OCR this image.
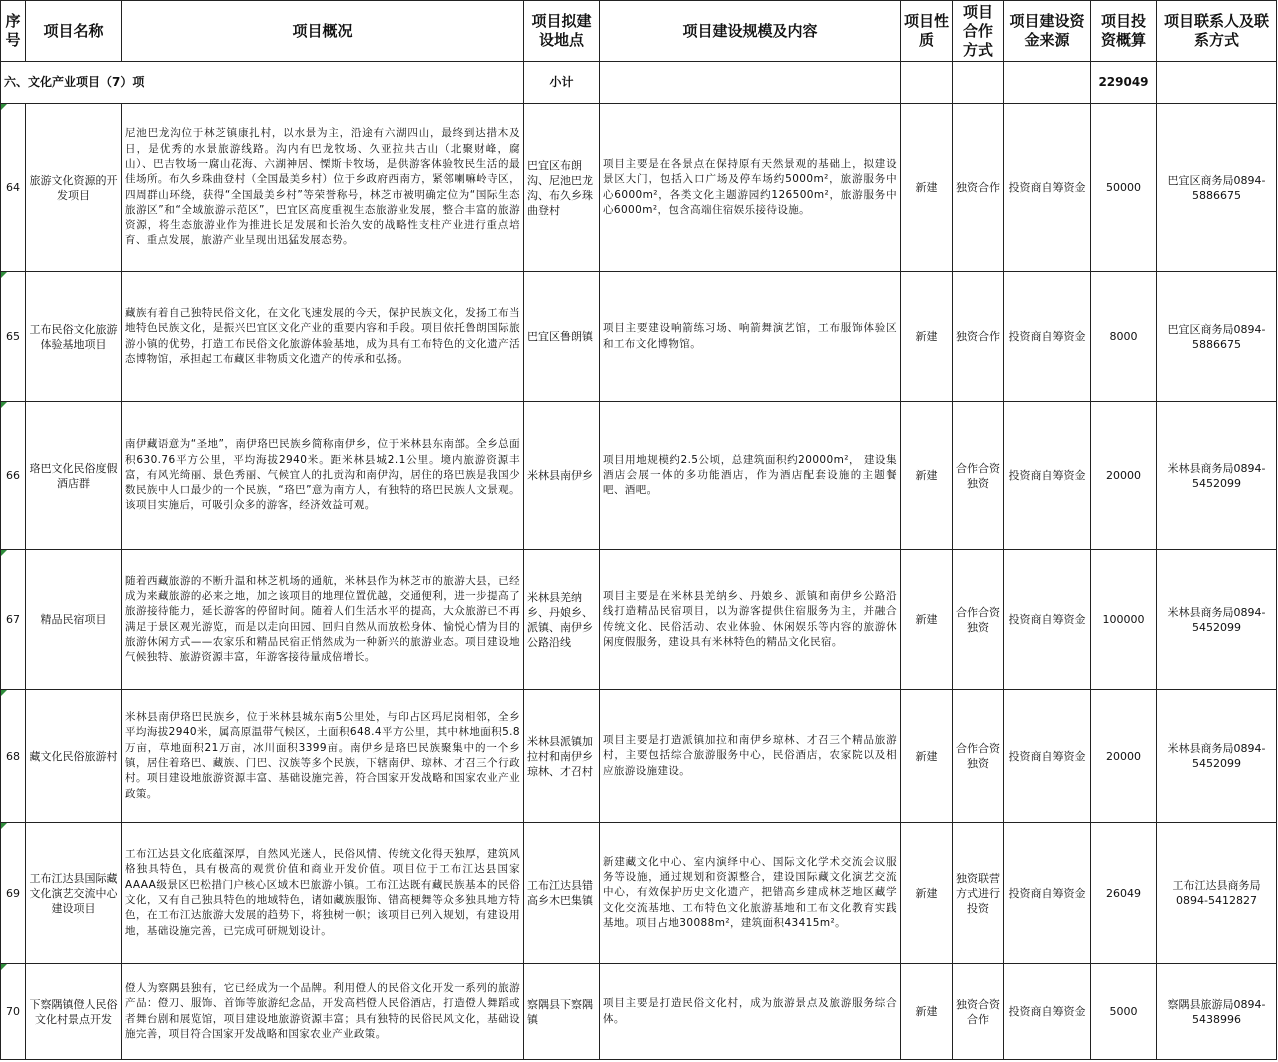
序号	项目名称	项目概况	项目拟建设地点	项目建设规模及内容	项目性质	项目合作方式	项目建设资金来源	项目投资概算	项目联系人及联系方式
六、文化产业项目（7）项			小计					229049	
64	旅游文化资源的开发项目	尼池巴龙沟位于林芝镇康扎村，以水景为主，沿途有六湖四山，最终到达措木及日，是优秀的水景旅游线路。沟内有巴龙牧场、久亚拉共古山（北聚财峰，腐山）、巴吉牧场一腐山花海、六湖神居、慄斯卡牧场，是供游客体验牧民生活的最佳场所。布久乡珠曲登村（全国最美乡村）位于乡政府西南方，紧邻喇嘛岭寺区，四周群山环绕，获得“全国最美乡村”等荣誉称号，林芝市被明确定位为“国际生态旅游区”和“全域旅游示范区”，巴宜区高度重视生态旅游业发展，整合丰富的旅游资源，将生态旅游业作为推进长足发展和长治久安的战略性支柱产业进行重点培育、重点发展，旅游产业呈现出迅猛发展态势。	巴宜区布朗沟、尼池巴龙沟、布久乡珠曲登村	项目主要是在各景点在保持原有天然景观的基础上，拟建设景区大门，包括入口广场及停车场约5000m²，旅游服务中心6000m²，各类文化主题游园约126500m²，旅游服务中心6000m²，包含高端住宿娱乐接待设施。	新建	独资合作	投资商自筹资金	50000	巴宜区商务局0894-5886675
65	工布民俗文化旅游体验基地项目	藏族有着自己独特民俗文化，在文化飞速发展的今天，保护民族文化，发扬工布当地特色民族文化，是振兴巴宜区文化产业的重要内容和手段。项目依托鲁朗国际旅游小镇的优势，打造工布民俗文化旅游体验基地，成为具有工布特色的文化遗产活态博物馆，承担起工布藏区非物质文化遗产的传承和弘扬。	巴宜区鲁朗镇	项目主要建设响箭练习场、响箭舞演艺馆，工布服饰体验区和工布文化博物馆。	新建	独资合作	投资商自筹资金	8000	巴宜区商务局0894-5886675
66	珞巴文化民俗度假酒店群	南伊藏语意为“圣地”，南伊珞巴民族乡简称南伊乡，位于米林县东南部。全乡总面积630.76平方公里，平均海拔2940米。距米林县城2.1公里。境内旅游资源丰富，有风光绮丽、景色秀丽、气候宜人的扎贡沟和南伊沟，居住的珞巴族是我国少数民族中人口最少的一个民族，“珞巴”意为南方人，有独特的珞巴民族人文景观。该项目实施后，可吸引众多的游客，经济效益可观。	米林县南伊乡	项目用地规模约2.5公顷，总建筑面积约20000m²， 建设集酒店会展一体的多功能酒店，作为酒店配套设施的主题餐吧、酒吧。	新建	合作合资独资	投资商自筹资金	20000	米林县商务局0894-5452099
67	精品民宿项目	随着西藏旅游的不断升温和林芝机场的通航，米林县作为林芝市的旅游大县，已经成为来藏旅游的必来之地，加之该项目的地理位置优越，交通便利，进一步提高了旅游接待能力，延长游客的停留时间。随着人们生活水平的提高，大众旅游已不再满足于景区观光游览，而是以走向田园、回归自然从而放松身体、愉悦心情为目的旅游休闲方式——农家乐和精品民宿正悄然成为一种新兴的旅游业态。项目建设地气候独特、旅游资源丰富，年游客接待量成倍增长。	米林县羌纳乡、丹娘乡、派镇、南伊乡公路沿线	项目主要是在米林县羌纳乡、丹娘乡、派镇和南伊乡公路沿线打造精品民宿项目，以为游客提供住宿服务为主，并融合传统文化、民俗活动、农业体验、休闲娱乐等内容的旅游休闲度假服务，建设具有米林特色的精品文化民宿。	新建	合作合资独资	投资商自筹资金	100000	米林县商务局0894-5452099
68	藏文化民俗旅游村	米林县南伊珞巴民族乡，位于米林县城东南5公里处，与印占区玛尼岗相邻，全乡平均海拔2940米，属高原温带气候区，土面积648.4平方公里，其中林地面积5.8万亩，草地面积21万亩，冰川面积3399亩。南伊乡是珞巴民族聚集中的一个乡镇，居住着珞巴、藏族、门巴、汉族等多个民族，下辖南伊、琼林、才召三个行政村。项目建设地旅游资源丰富、基础设施完善，符合国家开发战略和国家农业产业政策。	米林县派镇加拉村和南伊乡琼林、才召村	项目主要是打造派镇加拉和南伊乡琼林、才召三个精品旅游村，主要包括综合旅游服务中心，民俗酒店，农家院以及相应旅游设施建设。	新建	合作合资独资	投资商自筹资金	20000	米林县商务局0894-5452099
69	工布江达县国际藏文化演艺交流中心建设项目	工布江达县文化底蕴深厚，自然风光迷人，民俗风情、传统文化得天独厚，建筑风格独具特色，具有极高的观赏价值和商业开发价值。项目位于工布江达县国家AAAA级景区巴松措门户核心区域木巴旅游小镇。工布江达既有藏民族基本的民俗文化，又有自己独具特色的地域特色，诸如藏族服饰、错高梗舞等众多独具地方特色，在工布江达旅游大发展的趋势下，将独树一帜；该项目已列入规划，有建设用地，基础设施完善，已完成可研规划设计。	工布江达县错高乡木巴集镇	新建藏文化中心、室内演绎中心、国际文化学术交流会议服务等设施，通过规划和资源整合，建设国际藏文化演艺交流中心，有效保护历史文化遗产，把错高乡建成林芝地区藏学文化交流基地、工布特色文化旅游基地和工布文化教育实践基地。项目占地30088m²，建筑面积43415m²。	新建	独资联营方式进行投资	投资商自筹资金	26049	工布江达县商务局0894-5412827
70	下察隅镇僜人民俗文化村景点开发	僜人为察隅县独有，它已经成为一个品牌。利用僜人的民俗文化开发一系列的旅游产品：僜刀、服饰、首饰等旅游纪念品，开发高档僜人民俗酒店，打造僜人舞蹈或者舞台剧和展览馆，项目建设地旅游资源丰富；具有独特的民俗民风文化，基础设施完善，项目符合国家开发战略和国家农业产业政策。	察隅县下察隅镇	项目主要是打造民俗文化村，成为旅游景点及旅游服务综合体。	新建	独资合资合作	投资商自筹资金	5000	察隅县旅游局0894-5438996
